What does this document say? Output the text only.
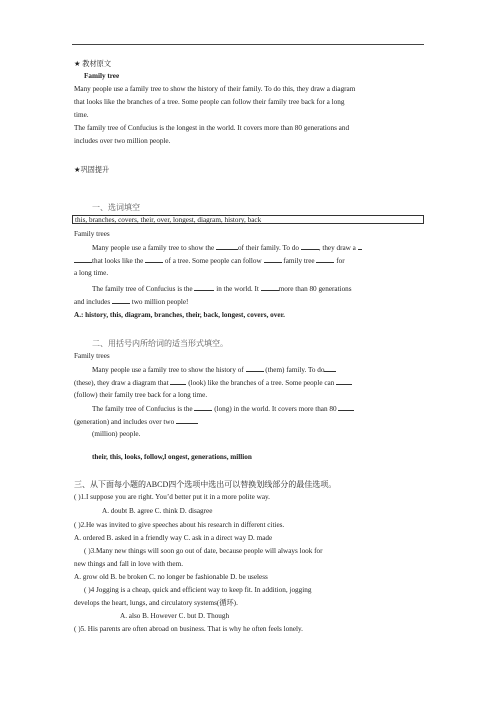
★ 教材原文
Family tree
Many people use a family tree to show the history of their family. To do this, they draw a diagram
that looks like the branches of a tree. Some people can follow their family tree back for a long
time.
The family tree of Confucius is the longest in the world. It covers more than 80 generations and
includes over two million people.
★巩固提升
一、选词填空
this, branches, covers, their, over, longest, diagram, history, back
Family trees
Many people use a family tree to show the	of their family. To do	, they draw a
that looks like the	of a tree. Some people can follow	family tree	for
a long time.
The family tree of Confucius is the	in the world. It	more than 80 generations
and includes	two million people!
A.: history, this, diagram, branches, their, back, longest, covers, over.
二、用括号内所给词的适当形式填空。
Family trees
Many people use a family tree to show the history of	(them) family. To do
(these), they draw a diagram that	(look) like the branches of a tree. Some people can
(follow) their family tree back for a long time.
The family tree of Confucius is the	(long) in the world. It covers more than 80
(generation) and includes over two
(million) people.
their, this, looks, follow,l ongest, generations, million
三、从下面每小题的ABCD四个选项中选出可以替换划线部分的最佳选项。
( )1.I suppose you are right. You’d better put it in a more polite way.
A. doubt B. agree C. think D. disagree
( )2.He was invited to give speeches about his research in different cities.
A. ordered B. asked in a friendly way C. ask in a direct way D. made
( )3.Many new things will soon go out of date, because people will always look for
new things and fall in love with them.
A. grow old B. be broken C. no longer be fashionable D. be useless
( )4 Jogging is a cheap, quick and efficient way to keep fit. In addition, jogging
develops the heart, lungs, and circulatory systems(循环).
A. also B. However C. but D. Though
( )5. His parents are often abroad on business. That is why he often feels lonely.
